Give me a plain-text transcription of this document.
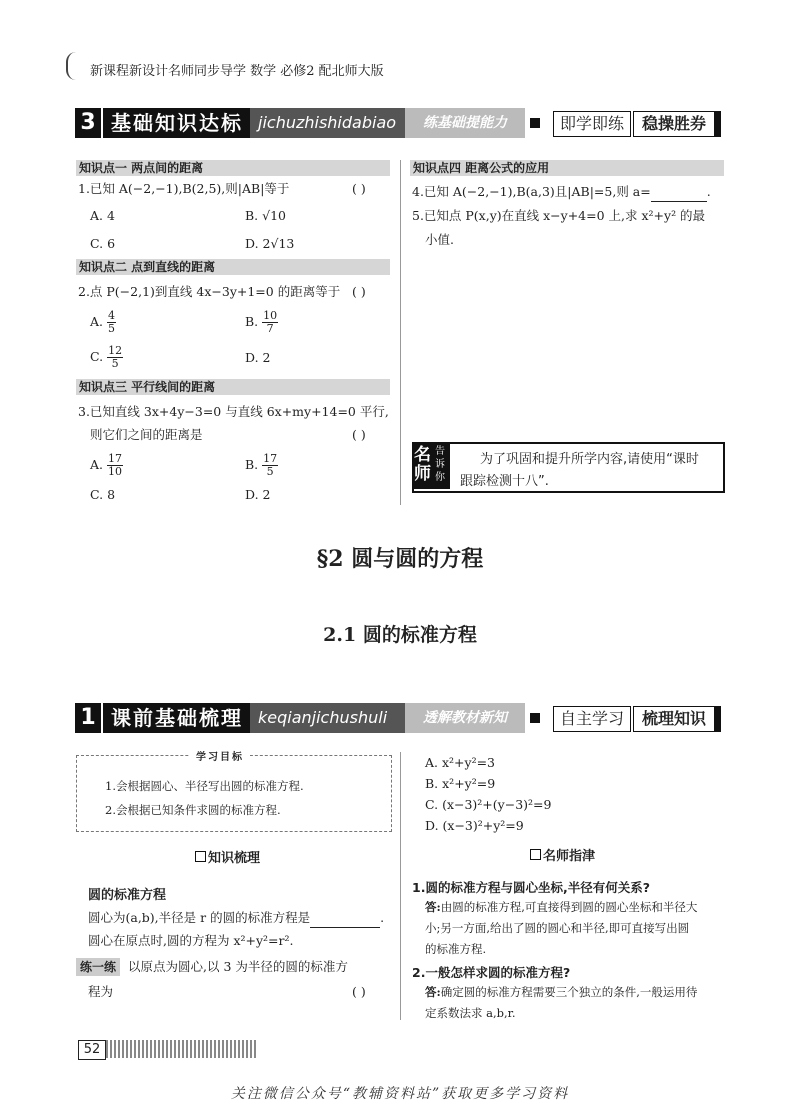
新课程新设计名师同步导学 数学 必修2 配北师大版
3 基础知识达标 jichuzhishidabiao	练基础提能力	即学即练	稳操胜券
知识点一 两点间的距离
1.已知 A(−2,−1),B(2,5),则|AB|等于	( )
A. 4	B. √10
C. 6	D. 2√13
知识点二 点到直线的距离
2.点 P(−2,1)到直线 4x−3y+1=0 的距离等于 ( )
A. $\frac{4}{5}$	B. $\frac{10}{7}$
C. $\frac{12}{5}$	D. 2
知识点三 平行线间的距离
3.已知直线 3x+4y−3=0 与直线 6x+my+14=0 平行,
则它们之间的距离是	( )
A. $\frac{17}{10}$	B. $\frac{17}{5}$
C. 8	D. 2
知识点四 距离公式的应用
4.已知 A(−2,−1),B(a,3)且|AB|=5,则 a=	.
5.已知点 P(x,y)在直线 x−y+4=0 上,求 x²+y² 的最
小值.
名师
告诉你
为了巩固和提升所学内容,请使用“课时
跟踪检测十八”.
§2 圆与圆的方程
2.1 圆的标准方程
1 课前基础梳理 keqianjichushuli	透解教材新知	自主学习	梳理知识
学习目标
1.会根据圆心、半径写出圆的标准方程.
2.会根据已知条件求圆的标准方程.
知识梳理
圆的标准方程
圆心为(a,b),半径是 r 的圆的标准方程是	.
圆心在原点时,圆的方程为 x²+y²=r².
练一练 以原点为圆心,以 3 为半径的圆的标准方
程为	( )
A. x²+y²=3
B. x²+y²=9
C. (x−3)²+(y−3)²=9
D. (x−3)²+y²=9
名师指津
1.圆的标准方程与圆心坐标,半径有何关系?
答:由圆的标准方程,可直接得到圆的圆心坐标和半径大
小;另一方面,给出了圆的圆心和半径,即可直接写出圆
的标准方程.
2.一般怎样求圆的标准方程?
答:确定圆的标准方程需要三个独立的条件,一般运用待
定系数法求 a,b,r.
52
关注微信公众号“教辅资料站”获取更多学习资料
